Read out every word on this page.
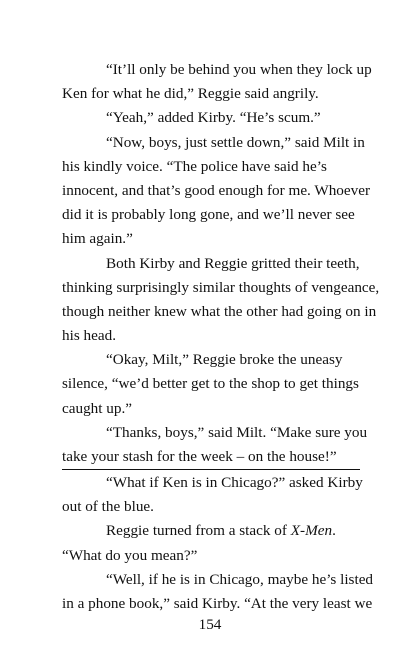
“It’ll only be behind you when they lock up
Ken for what he did,” Reggie said angrily.
“Yeah,” added Kirby. “He’s scum.”
“Now, boys, just settle down,” said Milt in
his kindly voice. “The police have said he’s
innocent, and that’s good enough for me. Whoever
did it is probably long gone, and we’ll never see
him again.”
Both Kirby and Reggie gritted their teeth,
thinking surprisingly similar thoughts of vengeance,
though neither knew what the other had going on in
his head.
“Okay, Milt,” Reggie broke the uneasy
silence, “we’d better get to the shop to get things
caught up.”
“Thanks, boys,” said Milt. “Make sure you
take your stash for the week – on the house!”
“What if Ken is in Chicago?” asked Kirby
out of the blue.
Reggie turned from a stack of X-Men.
“What do you mean?”
“Well, if he is in Chicago, maybe he’s listed
in a phone book,” said Kirby. “At the very least we
154
